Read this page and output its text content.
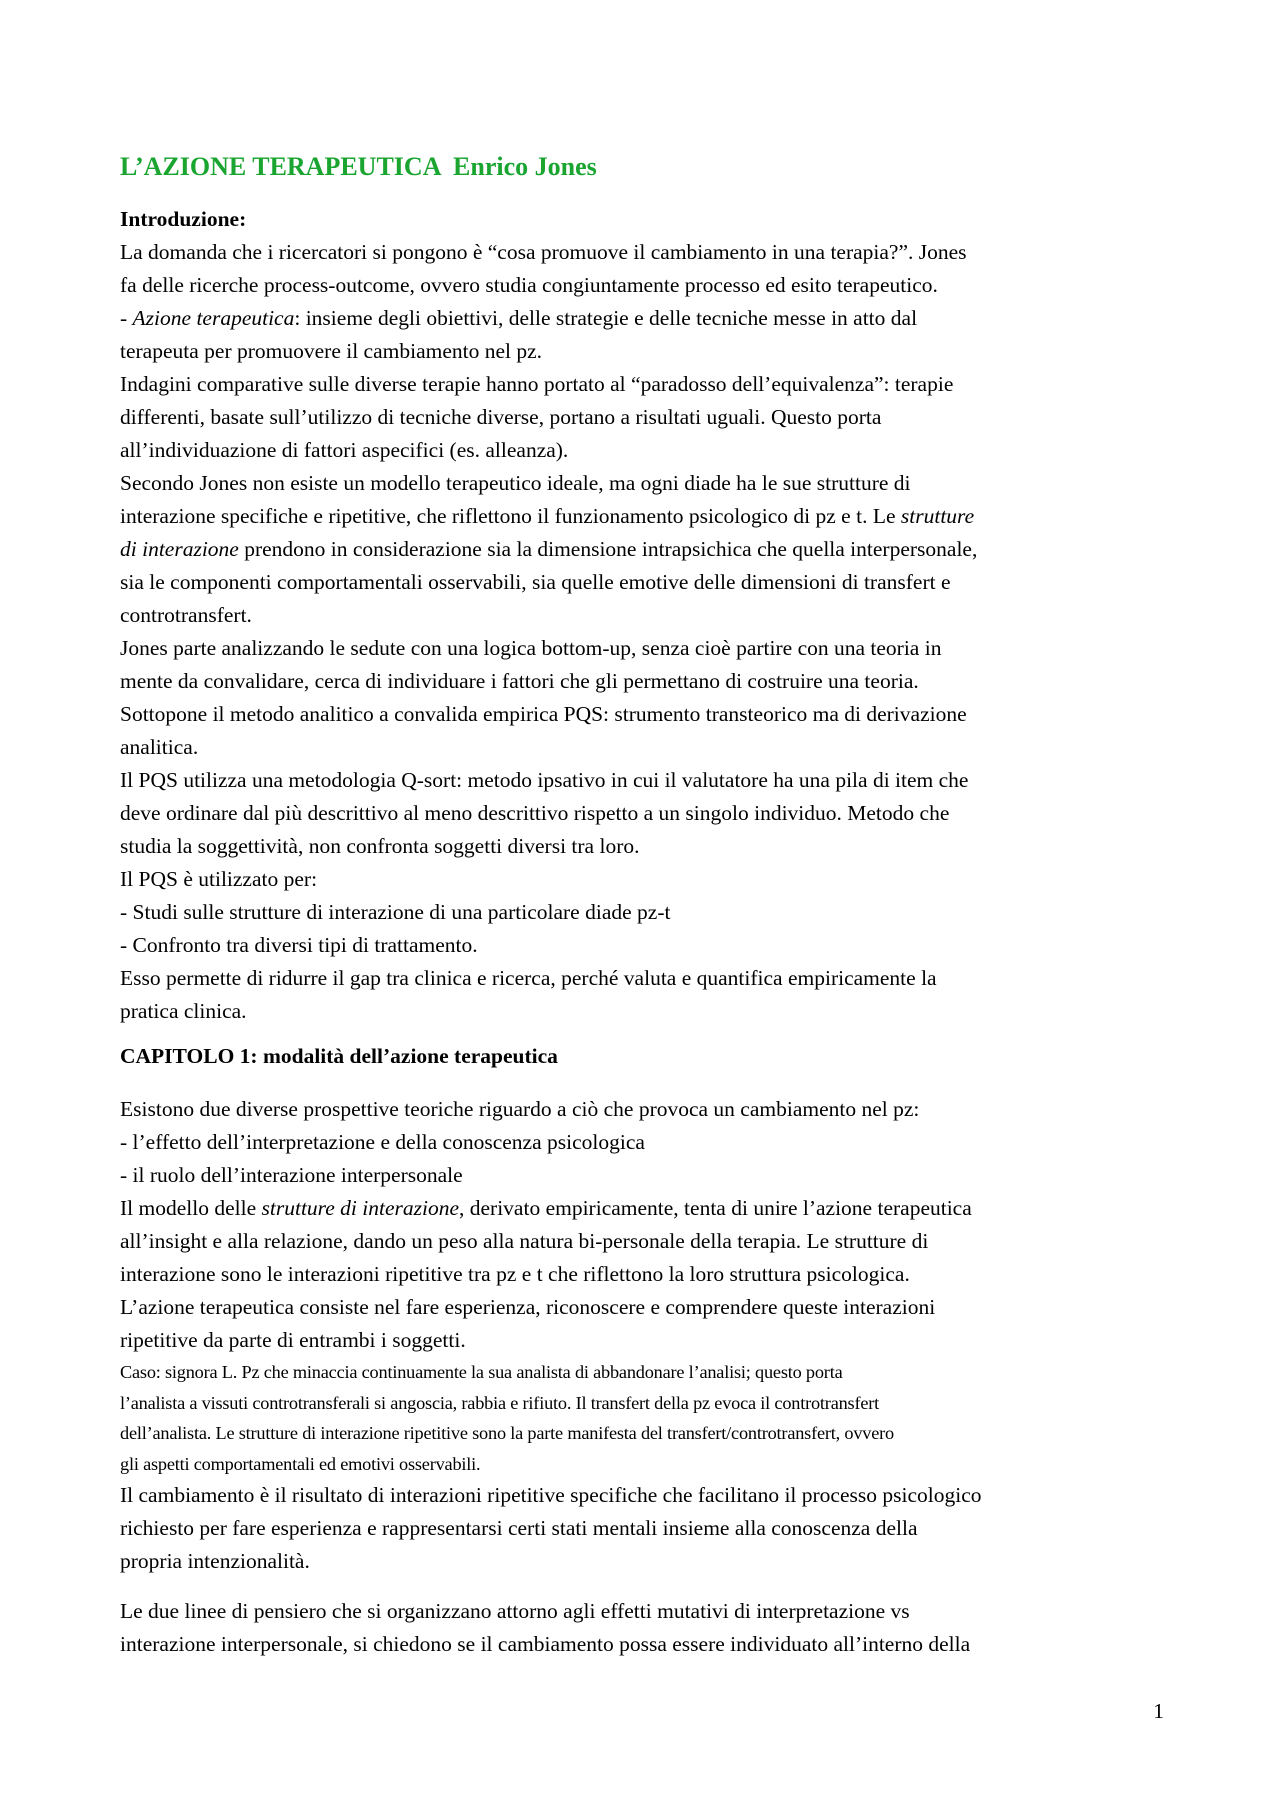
L’AZIONE TERAPEUTICA  Enrico Jones
Introduzione:
La domanda che i ricercatori si pongono è “cosa promuove il cambiamento in una terapia?”. Jones
fa delle ricerche process-outcome, ovvero studia congiuntamente processo ed esito terapeutico.
- Azione terapeutica: insieme degli obiettivi, delle strategie e delle tecniche messe in atto dal
terapeuta per promuovere il cambiamento nel pz.
Indagini comparative sulle diverse terapie hanno portato al “paradosso dell’equivalenza”: terapie
differenti, basate sull’utilizzo di tecniche diverse, portano a risultati uguali. Questo porta
all’individuazione di fattori aspecifici (es. alleanza).
Secondo Jones non esiste un modello terapeutico ideale, ma ogni diade ha le sue strutture di
interazione specifiche e ripetitive, che riflettono il funzionamento psicologico di pz e t. Le strutture
di interazione prendono in considerazione sia la dimensione intrapsichica che quella interpersonale,
sia le componenti comportamentali osservabili, sia quelle emotive delle dimensioni di transfert e
controtransfert.
Jones parte analizzando le sedute con una logica bottom-up, senza cioè partire con una teoria in
mente da convalidare, cerca di individuare i fattori che gli permettano di costruire una teoria.
Sottopone il metodo analitico a convalida empirica PQS: strumento transteorico ma di derivazione
analitica.
Il PQS utilizza una metodologia Q-sort: metodo ipsativo in cui il valutatore ha una pila di item che
deve ordinare dal più descrittivo al meno descrittivo rispetto a un singolo individuo. Metodo che
studia la soggettività, non confronta soggetti diversi tra loro.
Il PQS è utilizzato per:
- Studi sulle strutture di interazione di una particolare diade pz-t
- Confronto tra diversi tipi di trattamento.
Esso permette di ridurre il gap tra clinica e ricerca, perché valuta e quantifica empiricamente la
pratica clinica.
CAPITOLO 1: modalità dell’azione terapeutica
Esistono due diverse prospettive teoriche riguardo a ciò che provoca un cambiamento nel pz:
- l’effetto dell’interpretazione e della conoscenza psicologica
- il ruolo dell’interazione interpersonale
Il modello delle strutture di interazione, derivato empiricamente, tenta di unire l’azione terapeutica
all’insight e alla relazione, dando un peso alla natura bi-personale della terapia. Le strutture di
interazione sono le interazioni ripetitive tra pz e t che riflettono la loro struttura psicologica.
L’azione terapeutica consiste nel fare esperienza, riconoscere e comprendere queste interazioni
ripetitive da parte di entrambi i soggetti.
Caso: signora L. Pz che minaccia continuamente la sua analista di abbandonare l’analisi; questo porta
l’analista a vissuti controtransferali si angoscia, rabbia e rifiuto. Il transfert della pz evoca il controtransfert
dell’analista. Le strutture di interazione ripetitive sono la parte manifesta del transfert/controtransfert, ovvero
gli aspetti comportamentali ed emotivi osservabili.
Il cambiamento è il risultato di interazioni ripetitive specifiche che facilitano il processo psicologico
richiesto per fare esperienza e rappresentarsi certi stati mentali insieme alla conoscenza della
propria intenzionalità.
Le due linee di pensiero che si organizzano attorno agli effetti mutativi di interpretazione vs
interazione interpersonale, si chiedono se il cambiamento possa essere individuato all’interno della
1
